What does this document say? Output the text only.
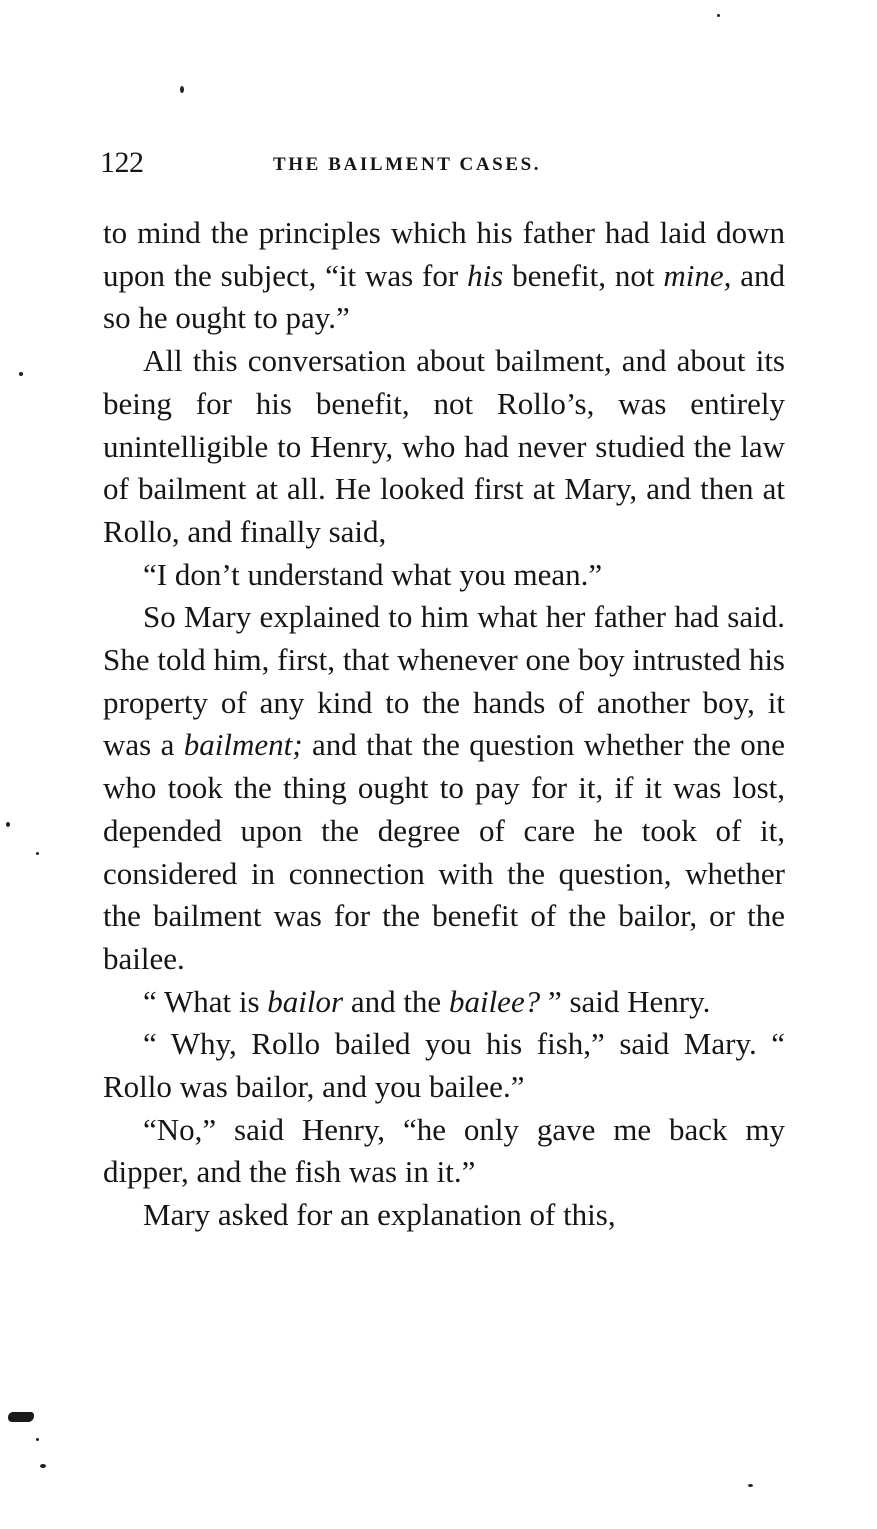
122	THE BAILMENT CASES.

to mind the principles which his father had laid down upon the subject, “it was for his benefit, not mine, and so he ought to pay.”

All this conversation about bailment, and about its being for his benefit, not Rollo’s, was entirely unintelligible to Henry, who had never studied the law of bailment at all. He looked first at Mary, and then at Rollo, and finally said,

“I don’t understand what you mean.”

So Mary explained to him what her father had said. She told him, first, that whenever one boy intrusted his property of any kind to the hands of another boy, it was a bailment; and that the question whether the one who took the thing ought to pay for it, if it was lost, depended upon the degree of care he took of it, considered in connection with the question, whether the bailment was for the benefit of the bailor, or the bailee.

“ What is bailor and the bailee? ” said Henry.

“ Why, Rollo bailed you his fish,” said Mary. “ Rollo was bailor, and you bailee.”

“No,” said Henry, “he only gave me back my dipper, and the fish was in it.”

Mary asked for an explanation of this,
